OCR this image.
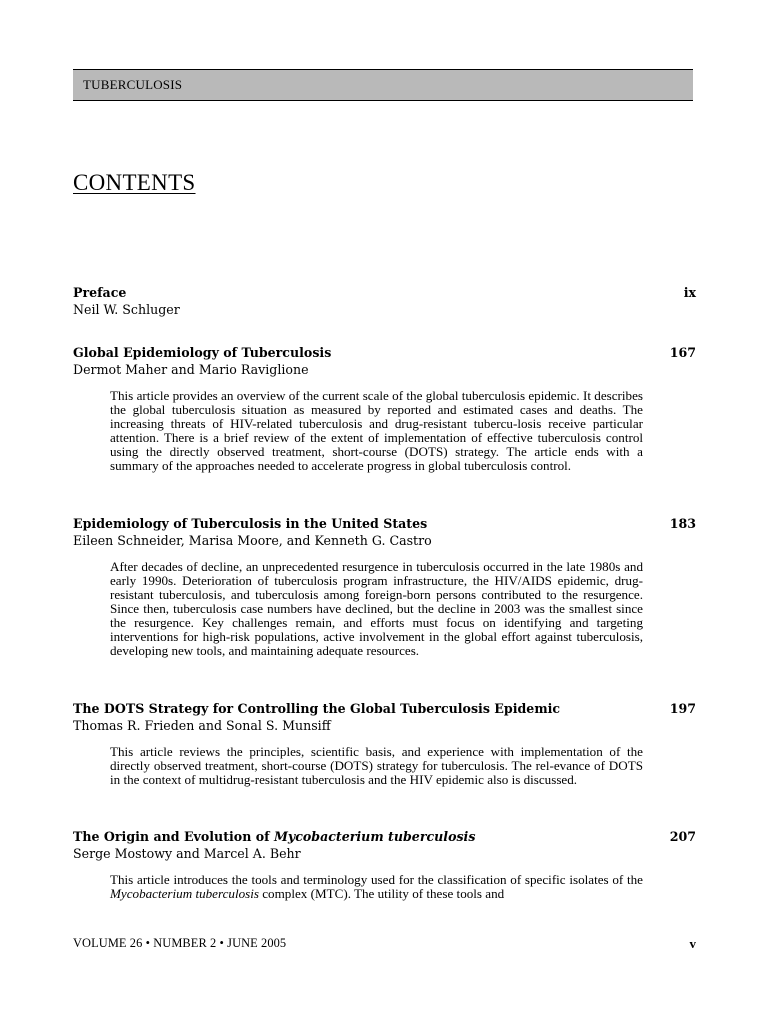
TUBERCULOSIS
CONTENTS
Preface	ix
Neil W. Schluger
Global Epidemiology of Tuberculosis	167
Dermot Maher and Mario Raviglione
This article provides an overview of the current scale of the global tuberculosis epidemic. It describes the global tuberculosis situation as measured by reported and estimated cases and deaths. The increasing threats of HIV-related tuberculosis and drug-resistant tubercu-losis receive particular attention. There is a brief review of the extent of implementation of effective tuberculosis control using the directly observed treatment, short-course (DOTS) strategy. The article ends with a summary of the approaches needed to accelerate progress in global tuberculosis control.
Epidemiology of Tuberculosis in the United States	183
Eileen Schneider, Marisa Moore, and Kenneth G. Castro
After decades of decline, an unprecedented resurgence in tuberculosis occurred in the late 1980s and early 1990s. Deterioration of tuberculosis program infrastructure, the HIV/AIDS epidemic, drug-resistant tuberculosis, and tuberculosis among foreign-born persons contributed to the resurgence. Since then, tuberculosis case numbers have declined, but the decline in 2003 was the smallest since the resurgence. Key challenges remain, and efforts must focus on identifying and targeting interventions for high-risk populations, active involvement in the global effort against tuberculosis, developing new tools, and maintaining adequate resources.
The DOTS Strategy for Controlling the Global Tuberculosis Epidemic	197
Thomas R. Frieden and Sonal S. Munsiff
This article reviews the principles, scientific basis, and experience with implementation of the directly observed treatment, short-course (DOTS) strategy for tuberculosis. The rel-evance of DOTS in the context of multidrug-resistant tuberculosis and the HIV epidemic also is discussed.
The Origin and Evolution of Mycobacterium tuberculosis	207
Serge Mostowy and Marcel A. Behr
This article introduces the tools and terminology used for the classification of specific isolates of the Mycobacterium tuberculosis complex (MTC). The utility of these tools and
VOLUME 26 • NUMBER 2 • JUNE 2005	v
